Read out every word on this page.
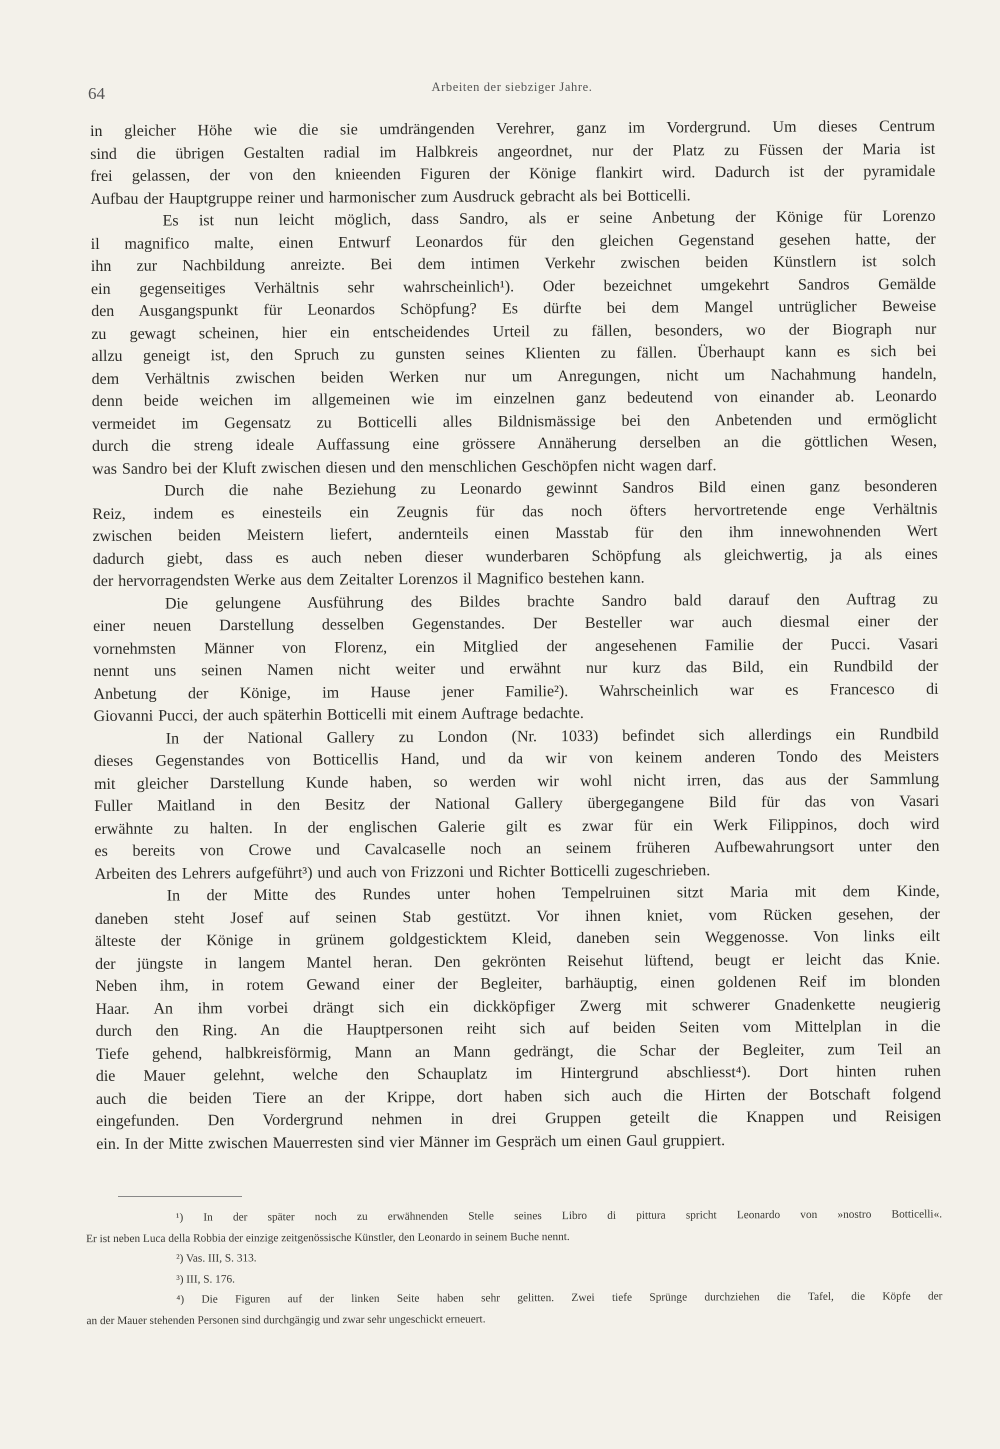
64	Arbeiten der siebziger Jahre.
in gleicher Höhe wie die sie umdrängenden Verehrer, ganz im Vordergrund. Um dieses Centrum
sind die übrigen Gestalten radial im Halbkreis angeordnet, nur der Platz zu Füssen der Maria ist
frei gelassen, der von den knieenden Figuren der Könige flankirt wird. Dadurch ist der pyramidale
Aufbau der Hauptgruppe reiner und harmonischer zum Ausdruck gebracht als bei Botticelli.
Es ist nun leicht möglich, dass Sandro, als er seine Anbetung der Könige für Lorenzo
il magnifico malte, einen Entwurf Leonardos für den gleichen Gegenstand gesehen hatte, der
ihn zur Nachbildung anreizte. Bei dem intimen Verkehr zwischen beiden Künstlern ist solch
ein gegenseitiges Verhältnis sehr wahrscheinlich¹). Oder bezeichnet umgekehrt Sandros Gemälde
den Ausgangspunkt für Leonardos Schöpfung? Es dürfte bei dem Mangel untrüglicher Beweise
zu gewagt scheinen, hier ein entscheidendes Urteil zu fällen, besonders, wo der Biograph nur
allzu geneigt ist, den Spruch zu gunsten seines Klienten zu fällen. Überhaupt kann es sich bei
dem Verhältnis zwischen beiden Werken nur um Anregungen, nicht um Nachahmung handeln,
denn beide weichen im allgemeinen wie im einzelnen ganz bedeutend von einander ab. Leonardo
vermeidet im Gegensatz zu Botticelli alles Bildnismässige bei den Anbetenden und ermöglicht
durch die streng ideale Auffassung eine grössere Annäherung derselben an die göttlichen Wesen,
was Sandro bei der Kluft zwischen diesen und den menschlichen Geschöpfen nicht wagen darf.
Durch die nahe Beziehung zu Leonardo gewinnt Sandros Bild einen ganz besonderen
Reiz, indem es einesteils ein Zeugnis für das noch öfters hervortretende enge Verhältnis
zwischen beiden Meistern liefert, andernteils einen Masstab für den ihm innewohnenden Wert
dadurch giebt, dass es auch neben dieser wunderbaren Schöpfung als gleichwertig, ja als eines
der hervorragendsten Werke aus dem Zeitalter Lorenzos il Magnifico bestehen kann.
Die gelungene Ausführung des Bildes brachte Sandro bald darauf den Auftrag zu
einer neuen Darstellung desselben Gegenstandes. Der Besteller war auch diesmal einer der
vornehmsten Männer von Florenz, ein Mitglied der angesehenen Familie der Pucci. Vasari
nennt uns seinen Namen nicht weiter und erwähnt nur kurz das Bild, ein Rundbild der
Anbetung der Könige, im Hause jener Familie²). Wahrscheinlich war es Francesco di
Giovanni Pucci, der auch späterhin Botticelli mit einem Auftrage bedachte.
In der National Gallery zu London (Nr. 1033) befindet sich allerdings ein Rundbild
dieses Gegenstandes von Botticellis Hand, und da wir von keinem anderen Tondo des Meisters
mit gleicher Darstellung Kunde haben, so werden wir wohl nicht irren, das aus der Sammlung
Fuller Maitland in den Besitz der National Gallery übergegangene Bild für das von Vasari
erwähnte zu halten. In der englischen Galerie gilt es zwar für ein Werk Filippinos, doch wird
es bereits von Crowe und Cavalcaselle noch an seinem früheren Aufbewahrungsort unter den
Arbeiten des Lehrers aufgeführt³) und auch von Frizzoni und Richter Botticelli zugeschrieben.
In der Mitte des Rundes unter hohen Tempelruinen sitzt Maria mit dem Kinde,
daneben steht Josef auf seinen Stab gestützt. Vor ihnen kniet, vom Rücken gesehen, der
älteste der Könige in grünem goldgesticktem Kleid, daneben sein Weggenosse. Von links eilt
der jüngste in langem Mantel heran. Den gekrönten Reisehut lüftend, beugt er leicht das Knie.
Neben ihm, in rotem Gewand einer der Begleiter, barhäuptig, einen goldenen Reif im blonden
Haar. An ihm vorbei drängt sich ein dickköpfiger Zwerg mit schwerer Gnadenkette neugierig
durch den Ring. An die Hauptpersonen reiht sich auf beiden Seiten vom Mittelplan in die
Tiefe gehend, halbkreisförmig, Mann an Mann gedrängt, die Schar der Begleiter, zum Teil an
die Mauer gelehnt, welche den Schauplatz im Hintergrund abschliesst⁴). Dort hinten ruhen
auch die beiden Tiere an der Krippe, dort haben sich auch die Hirten der Botschaft folgend
eingefunden. Den Vordergrund nehmen in drei Gruppen geteilt die Knappen und Reisigen
ein. In der Mitte zwischen Mauerresten sind vier Männer im Gespräch um einen Gaul gruppiert.
¹) In der später noch zu erwähnenden Stelle seines Libro di pittura spricht Leonardo von »nostro Botticelli«.
Er ist neben Luca della Robbia der einzige zeitgenössische Künstler, den Leonardo in seinem Buche nennt.
²) Vas. III, S. 313.
³) III, S. 176.
⁴) Die Figuren auf der linken Seite haben sehr gelitten. Zwei tiefe Sprünge durchziehen die Tafel, die Köpfe der
an der Mauer stehenden Personen sind durchgängig und zwar sehr ungeschickt erneuert.
